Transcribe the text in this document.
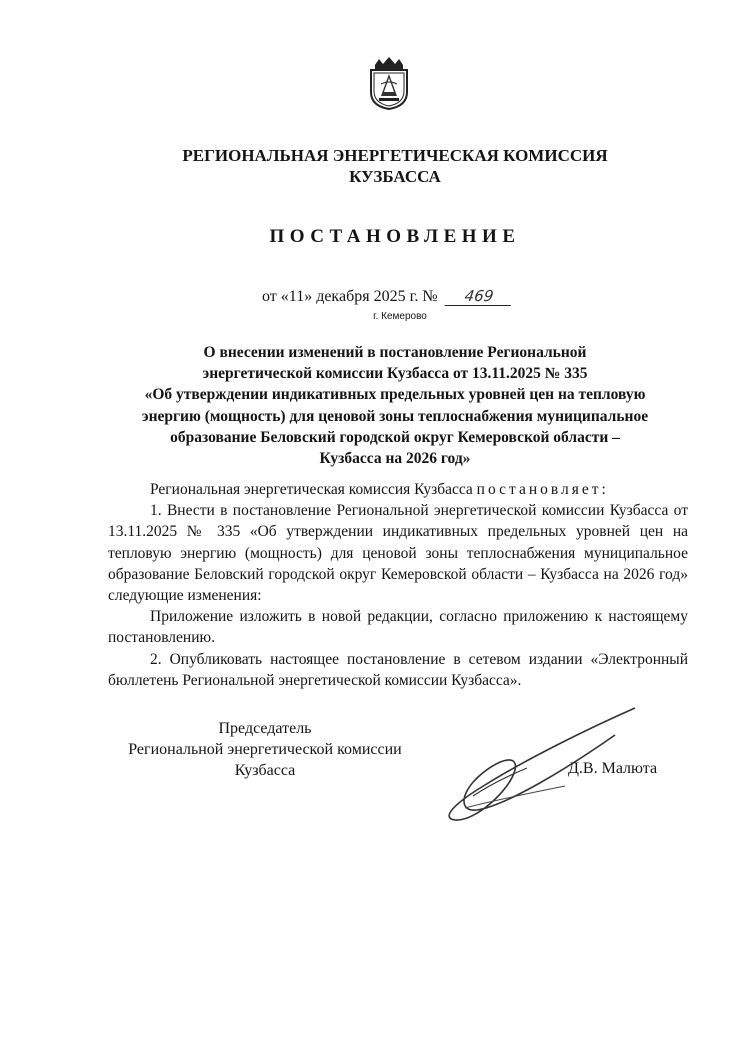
РЕГИОНАЛЬНАЯ ЭНЕРГЕТИЧЕСКАЯ КОМИССИЯ
КУЗБАССА
ПОСТАНОВЛЕНИЕ
от «11» декабря 2025 г. № 469
г. Кемерово
О внесении изменений в постановление Региональной
энергетической комиссии Кузбасса от 13.11.2025 № 335
«Об утверждении индикативных предельных уровней цен на тепловую
энергию (мощность) для ценовой зоны теплоснабжения муниципальное
образование Беловский городской округ Кемеровской области –
Кузбасса на 2026 год»

Региональная энергетическая комиссия Кузбасса постановляет:

1. Внести в постановление Региональной энергетической комиссии Кузбасса от 13.11.2025 № 335 «Об утверждении индикативных предельных уровней цен на тепловую энергию (мощность) для ценовой зоны теплоснабжения муниципальное образование Беловский городской округ Кемеровской области – Кузбасса на 2026 год» следующие изменения:

Приложение изложить в новой редакции, согласно приложению к настоящему постановлению.

2. Опубликовать настоящее постановление в сетевом издании «Электронный бюллетень Региональной энергетической комиссии Кузбасса».

Председатель
Региональной энергетической комиссии
Кузбасса	Д.В. Малюта
